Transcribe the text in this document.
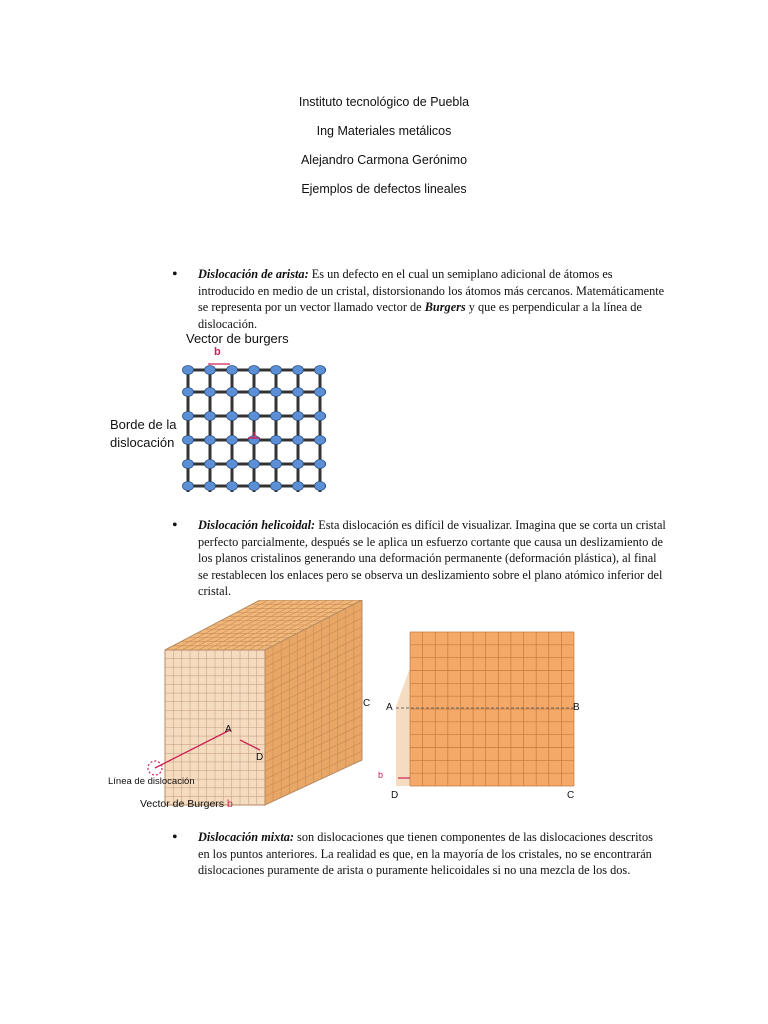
Instituto tecnológico de Puebla
Ing Materiales metálicos
Alejandro Carmona Gerónimo
Ejemplos de defectos lineales
• Dislocación de arista: Es un defecto en el cual un semiplano adicional de átomos es introducido en medio de un cristal, distorsionando los átomos más cercanos. Matemáticamente se representa por un vector llamado vector de Burgers y que es perpendicular a la línea de dislocación.
Vector de burgers
b
Borde de la
dislocación
• Dislocación helicoidal: Esta dislocación es difícil de visualizar. Imagina que se corta un cristal perfecto parcialmente, después se le aplica un esfuerzo cortante que causa un deslizamiento de los planos cristalinos generando una deformación permanente (deformación plástica), al final se restablecen los enlaces pero se observa un deslizamiento sobre el plano atómico inferior del cristal.
C
A
D
Línea de dislocación
Vector de Burgers b
A	B
b
D	C
• Dislocación mixta: son dislocaciones que tienen componentes de las dislocaciones descritos en los puntos anteriores. La realidad es que, en la mayoría de los cristales, no se encontrarán dislocaciones puramente de arista o puramente helicoidales si no una mezcla de los dos.
